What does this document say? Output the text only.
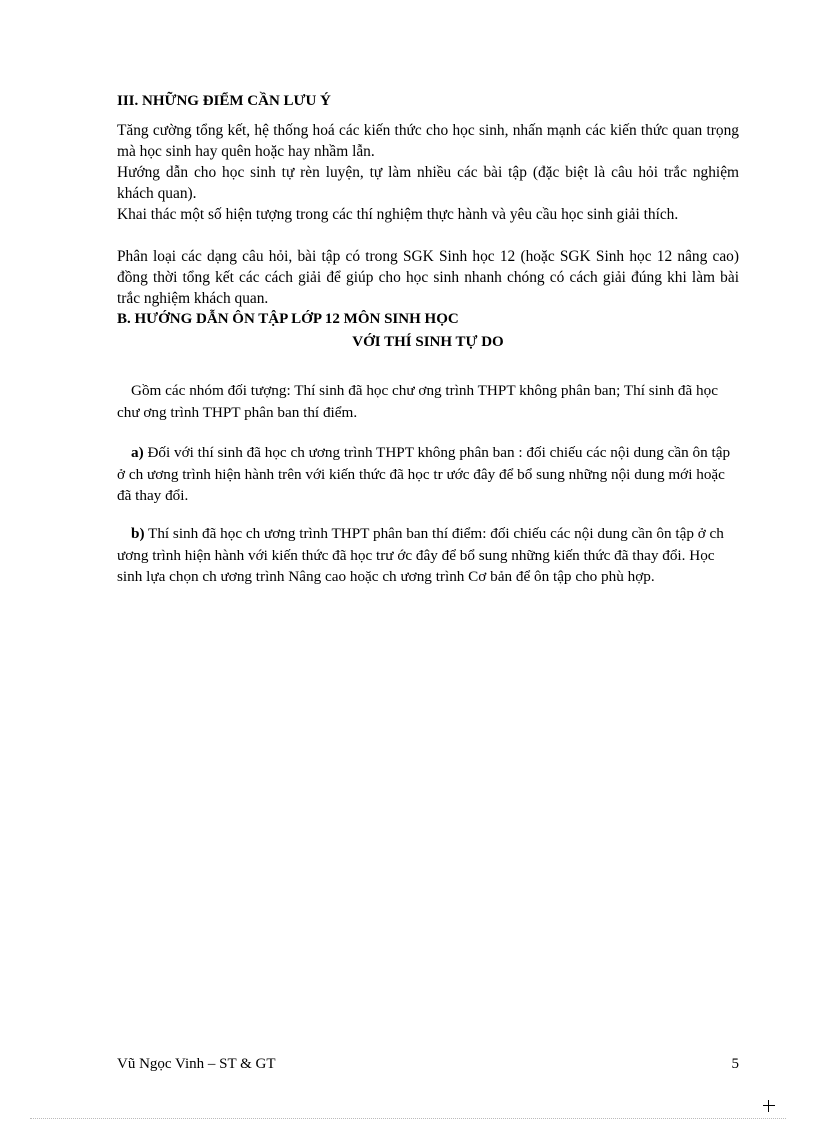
III. NHỮNG ĐIỂM CẦN LƯU Ý

Tăng cường tổng kết, hệ thống hoá các kiến thức cho học sinh, nhấn mạnh các kiến thức quan trọng mà học sinh hay quên hoặc hay nhầm lẫn.

Hướng dẫn cho học sinh tự rèn luyện, tự làm nhiều các bài tập (đặc biệt là câu hỏi trắc nghiệm khách quan).

Khai thác một số hiện tượng trong các thí nghiệm thực hành và yêu cầu học sinh giải thích.

Phân loại các dạng câu hỏi, bài tập có trong SGK Sinh học 12 (hoặc SGK Sinh học 12 nâng cao) đồng thời tổng kết các cách giải để giúp cho học sinh nhanh chóng có cách giải đúng khi làm bài trắc nghiệm khách quan.

B. HƯỚNG DẪN ÔN TẬP LỚP 12 MÔN SINH HỌC
VỚI THÍ SINH TỰ DO

Gồm các nhóm đối tượng: Thí sinh đã học chư ơng trình THPT không phân ban; Thí sinh đã học chư ơng trình THPT phân ban thí điểm.

a) Đối với thí sinh đã học ch ương trình THPT không phân ban : đối chiếu các nội dung cần ôn tập ở ch ương trình hiện hành trên với kiến thức đã học tr ước đây để bổ sung những nội dung mới hoặc đã thay đổi.

b) Thí sinh đã học ch ương trình THPT phân ban thí điểm: đối chiếu các nội dung cần ôn tập ở ch ương trình hiện hành với kiến thức đã học trư ớc đây để bổ sung những kiến thức đã thay đổi. Học sinh lựa chọn ch ương trình Nâng cao hoặc ch ương trình Cơ bản để ôn tập cho phù hợp.

Vũ Ngọc Vinh – ST & GT	5
